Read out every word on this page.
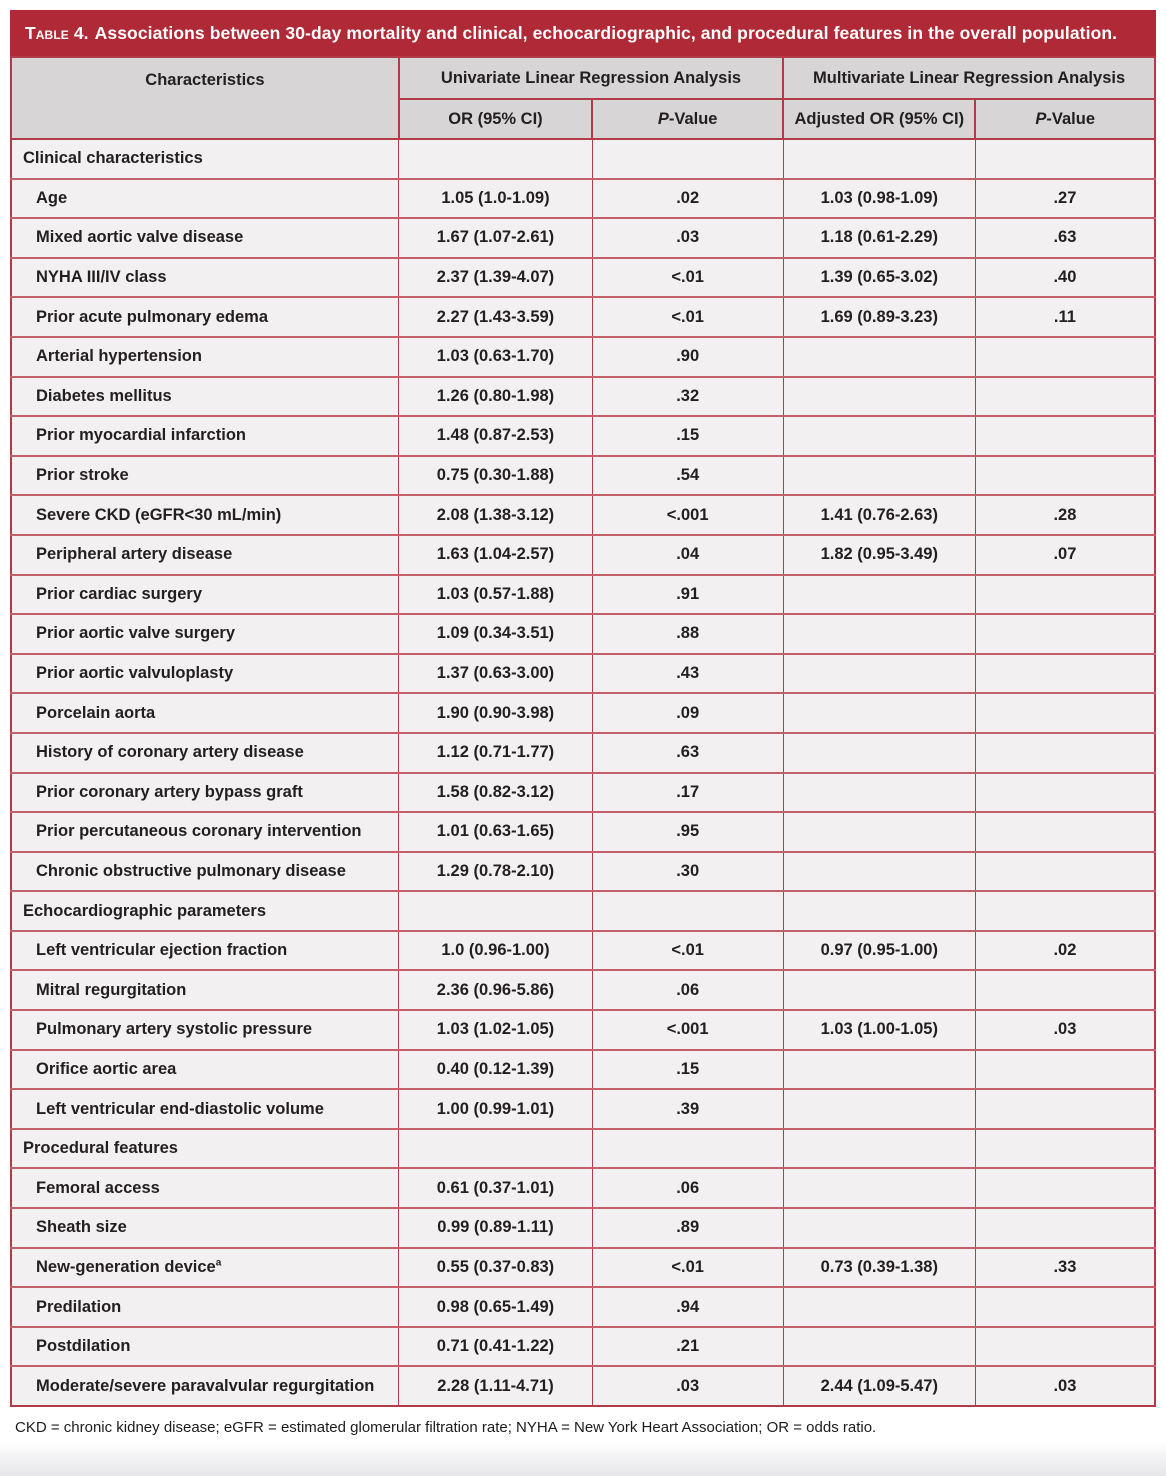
Table 4. Associations between 30-day mortality and clinical, echocardiographic, and procedural features in the overall population.
Characteristics	Univariate Linear Regression Analysis		Multivariate Linear Regression Analysis	
	OR (95% CI)	P-Value	Adjusted OR (95% CI)	P-Value
Clinical characteristics				
Age	1.05 (1.0-1.09)	.02	1.03 (0.98-1.09)	.27
Mixed aortic valve disease	1.67 (1.07-2.61)	.03	1.18 (0.61-2.29)	.63
NYHA III/IV class	2.37 (1.39-4.07)	<.01	1.39 (0.65-3.02)	.40
Prior acute pulmonary edema	2.27 (1.43-3.59)	<.01	1.69 (0.89-3.23)	.11
Arterial hypertension	1.03 (0.63-1.70)	.90		
Diabetes mellitus	1.26 (0.80-1.98)	.32		
Prior myocardial infarction	1.48 (0.87-2.53)	.15		
Prior stroke	0.75 (0.30-1.88)	.54		
Severe CKD (eGFR<30 mL/min)	2.08 (1.38-3.12)	<.001	1.41 (0.76-2.63)	.28
Peripheral artery disease	1.63 (1.04-2.57)	.04	1.82 (0.95-3.49)	.07
Prior cardiac surgery	1.03 (0.57-1.88)	.91		
Prior aortic valve surgery	1.09 (0.34-3.51)	.88		
Prior aortic valvuloplasty	1.37 (0.63-3.00)	.43		
Porcelain aorta	1.90 (0.90-3.98)	.09		
History of coronary artery disease	1.12 (0.71-1.77)	.63		
Prior coronary artery bypass graft	1.58 (0.82-3.12)	.17		
Prior percutaneous coronary intervention	1.01 (0.63-1.65)	.95		
Chronic obstructive pulmonary disease	1.29 (0.78-2.10)	.30		
Echocardiographic parameters				
Left ventricular ejection fraction	1.0 (0.96-1.00)	<.01	0.97 (0.95-1.00)	.02
Mitral regurgitation	2.36 (0.96-5.86)	.06		
Pulmonary artery systolic pressure	1.03 (1.02-1.05)	<.001	1.03 (1.00-1.05)	.03
Orifice aortic area	0.40 (0.12-1.39)	.15		
Left ventricular end-diastolic volume	1.00 (0.99-1.01)	.39		
Procedural features				
Femoral access	0.61 (0.37-1.01)	.06		
Sheath size	0.99 (0.89-1.11)	.89		
New-generation device$^a$	0.55 (0.37-0.83)	<.01	0.73 (0.39-1.38)	.33
Predilation	0.98 (0.65-1.49)	.94		
Postdilation	0.71 (0.41-1.22)	.21		
Moderate/severe paravalvular regurgitation	2.28 (1.11-4.71)	.03	2.44 (1.09-5.47)	.03
CKD = chronic kidney disease; eGFR = estimated glomerular filtration rate; NYHA = New York Heart Association; OR = odds ratio.
